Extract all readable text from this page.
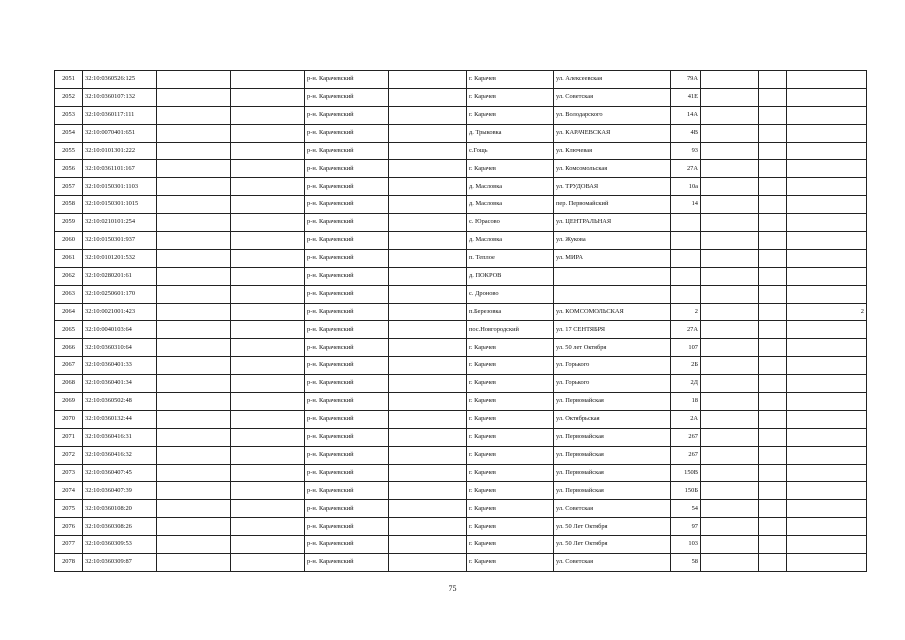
2051	32:10:0360526:125			р-н. Карачевский		г. Карачев	ул. Алексеевская	79А			
2052	32:10:0360107:132			р-н. Карачевский		г. Карачев	ул. Советская	41Е			
2053	32:10:0360117:111			р-н. Карачевский		г. Карачев	ул. Володарского	14А			
2054	32:10:0070401:651			р-н. Карачевский		д. Трыковка	ул. КАРАЧЕВСКАЯ	4В			
2055	32:10:0101301:222			р-н. Карачевский		с.Гощь	ул. Ключевая	93			
2056	32:10:0361101:167			р-н. Карачевский		г. Карачев	ул. Комсомольская	27А			
2057	32:10:0150301:1103			р-н. Карачевский		д. Масловка	ул. ТРУДОВАЯ	10а			
2058	32:10:0150301:1015			р-н. Карачевский		д. Масловка	пер. Первомайский	14			
2059	32:10:0210101:254			р-н. Карачевский		с. Юрасово	ул. ЦЕНТРАЛЬНАЯ				
2060	32:10:0150301:937			р-н. Карачевский		д. Масловка	ул. Жукова				
2061	32:10:0101201:532			р-н. Карачевский		п. Теплое	ул. МИРА				
2062	32:10:0280201:61			р-н. Карачевский		д. ПОКРОВ					
2063	32:10:0250601:170			р-н. Карачевский		с. Дроново					
2064	32:10:0021001:423			р-н. Карачевский		п.Березовка	ул. КОМСОМОЛЬСКАЯ	2			2
2065	32:10:0040103:64			р-н. Карачевский		пос.Новгородский	ул. 17 СЕНТЯБРЯ	27А			
2066	32:10:0360310:64			р-н. Карачевский		г. Карачев	ул. 50 лет Октября	107			
2067	32:10:0360401:33			р-н. Карачевский		г. Карачев	ул. Горького	2Б			
2068	32:10:0360401:34			р-н. Карачевский		г. Карачев	ул. Горького	2Д			
2069	32:10:0360502:48			р-н. Карачевский		г. Карачев	ул. Первомайская	18			
2070	32:10:0360132:44			р-н. Карачевский		г. Карачев	ул. Октябрьская	2А			
2071	32:10:0360416:31			р-н. Карачевский		г. Карачев	ул. Первомайская	267			
2072	32:10:0360416:32			р-н. Карачевский		г. Карачев	ул. Первомайская	267			
2073	32:10:0360407:45			р-н. Карачевский		г. Карачев	ул. Первомайская	150В			
2074	32:10:0360407:39			р-н. Карачевский		г. Карачев	ул. Первомайская	150Б			
2075	32:10:0360108:20			р-н. Карачевский		г. Карачев	ул. Советская	54			
2076	32:10:0360308:26			р-н. Карачевский		г. Карачев	ул. 50 Лет Октября	97			
2077	32:10:0360309:53			р-н. Карачевский		г. Карачев	ул. 50 Лет Октября	103			
2078	32:10:0360309:87			р-н. Карачевский		г. Карачев	ул. Советская	58			
75
